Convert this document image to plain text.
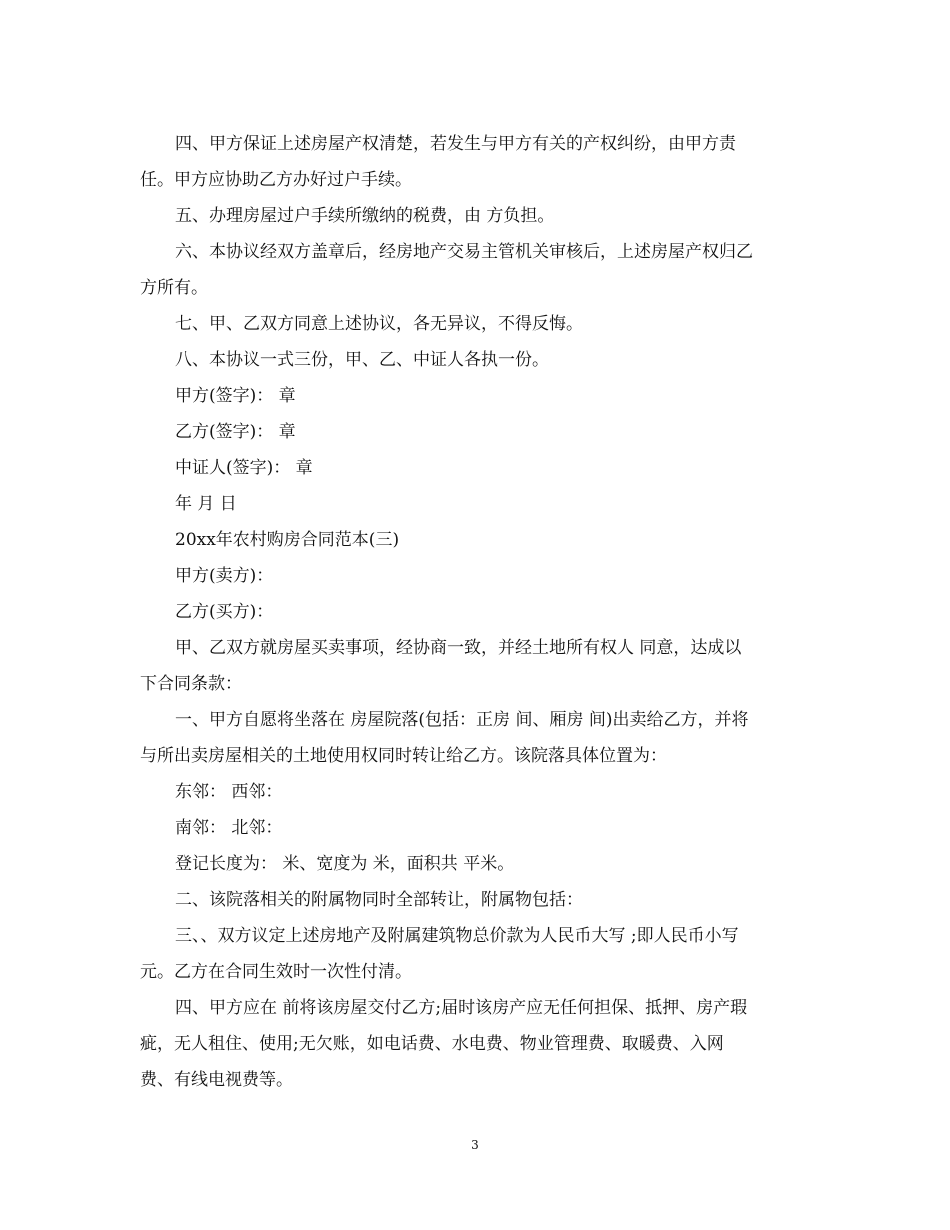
四、甲方保证上述房屋产权清楚，若发生与甲方有关的产权纠纷，由甲方责
任。甲方应协助乙方办好过户手续。
五、办理房屋过户手续所缴纳的税费，由 方负担。
六、本协议经双方盖章后，经房地产交易主管机关审核后，上述房屋产权归乙
方所有。
七、甲、乙双方同意上述协议，各无异议，不得反悔。
八、本协议一式三份，甲、乙、中证人各执一份。
甲方(签字)： 章
乙方(签字)： 章
中证人(签字)： 章
年 月 日
20xx年农村购房合同范本(三)
甲方(卖方)：
乙方(买方)：
甲、乙双方就房屋买卖事项，经协商一致，并经土地所有权人 同意，达成以
下合同条款：
一、甲方自愿将坐落在 房屋院落(包括：正房 间、厢房 间)出卖给乙方，并将
与所出卖房屋相关的土地使用权同时转让给乙方。该院落具体位置为：
东邻： 西邻：
南邻： 北邻：
登记长度为： 米、宽度为 米，面积共 平米。
二、该院落相关的附属物同时全部转让，附属物包括：
三、、双方议定上述房地产及附属建筑物总价款为人民币大写 ;即人民币小写
元。乙方在合同生效时一次性付清。
四、甲方应在 前将该房屋交付乙方;届时该房产应无任何担保、抵押、房产瑕
疵，无人租住、使用;无欠账，如电话费、水电费、物业管理费、取暖费、入网
费、有线电视费等。
3
